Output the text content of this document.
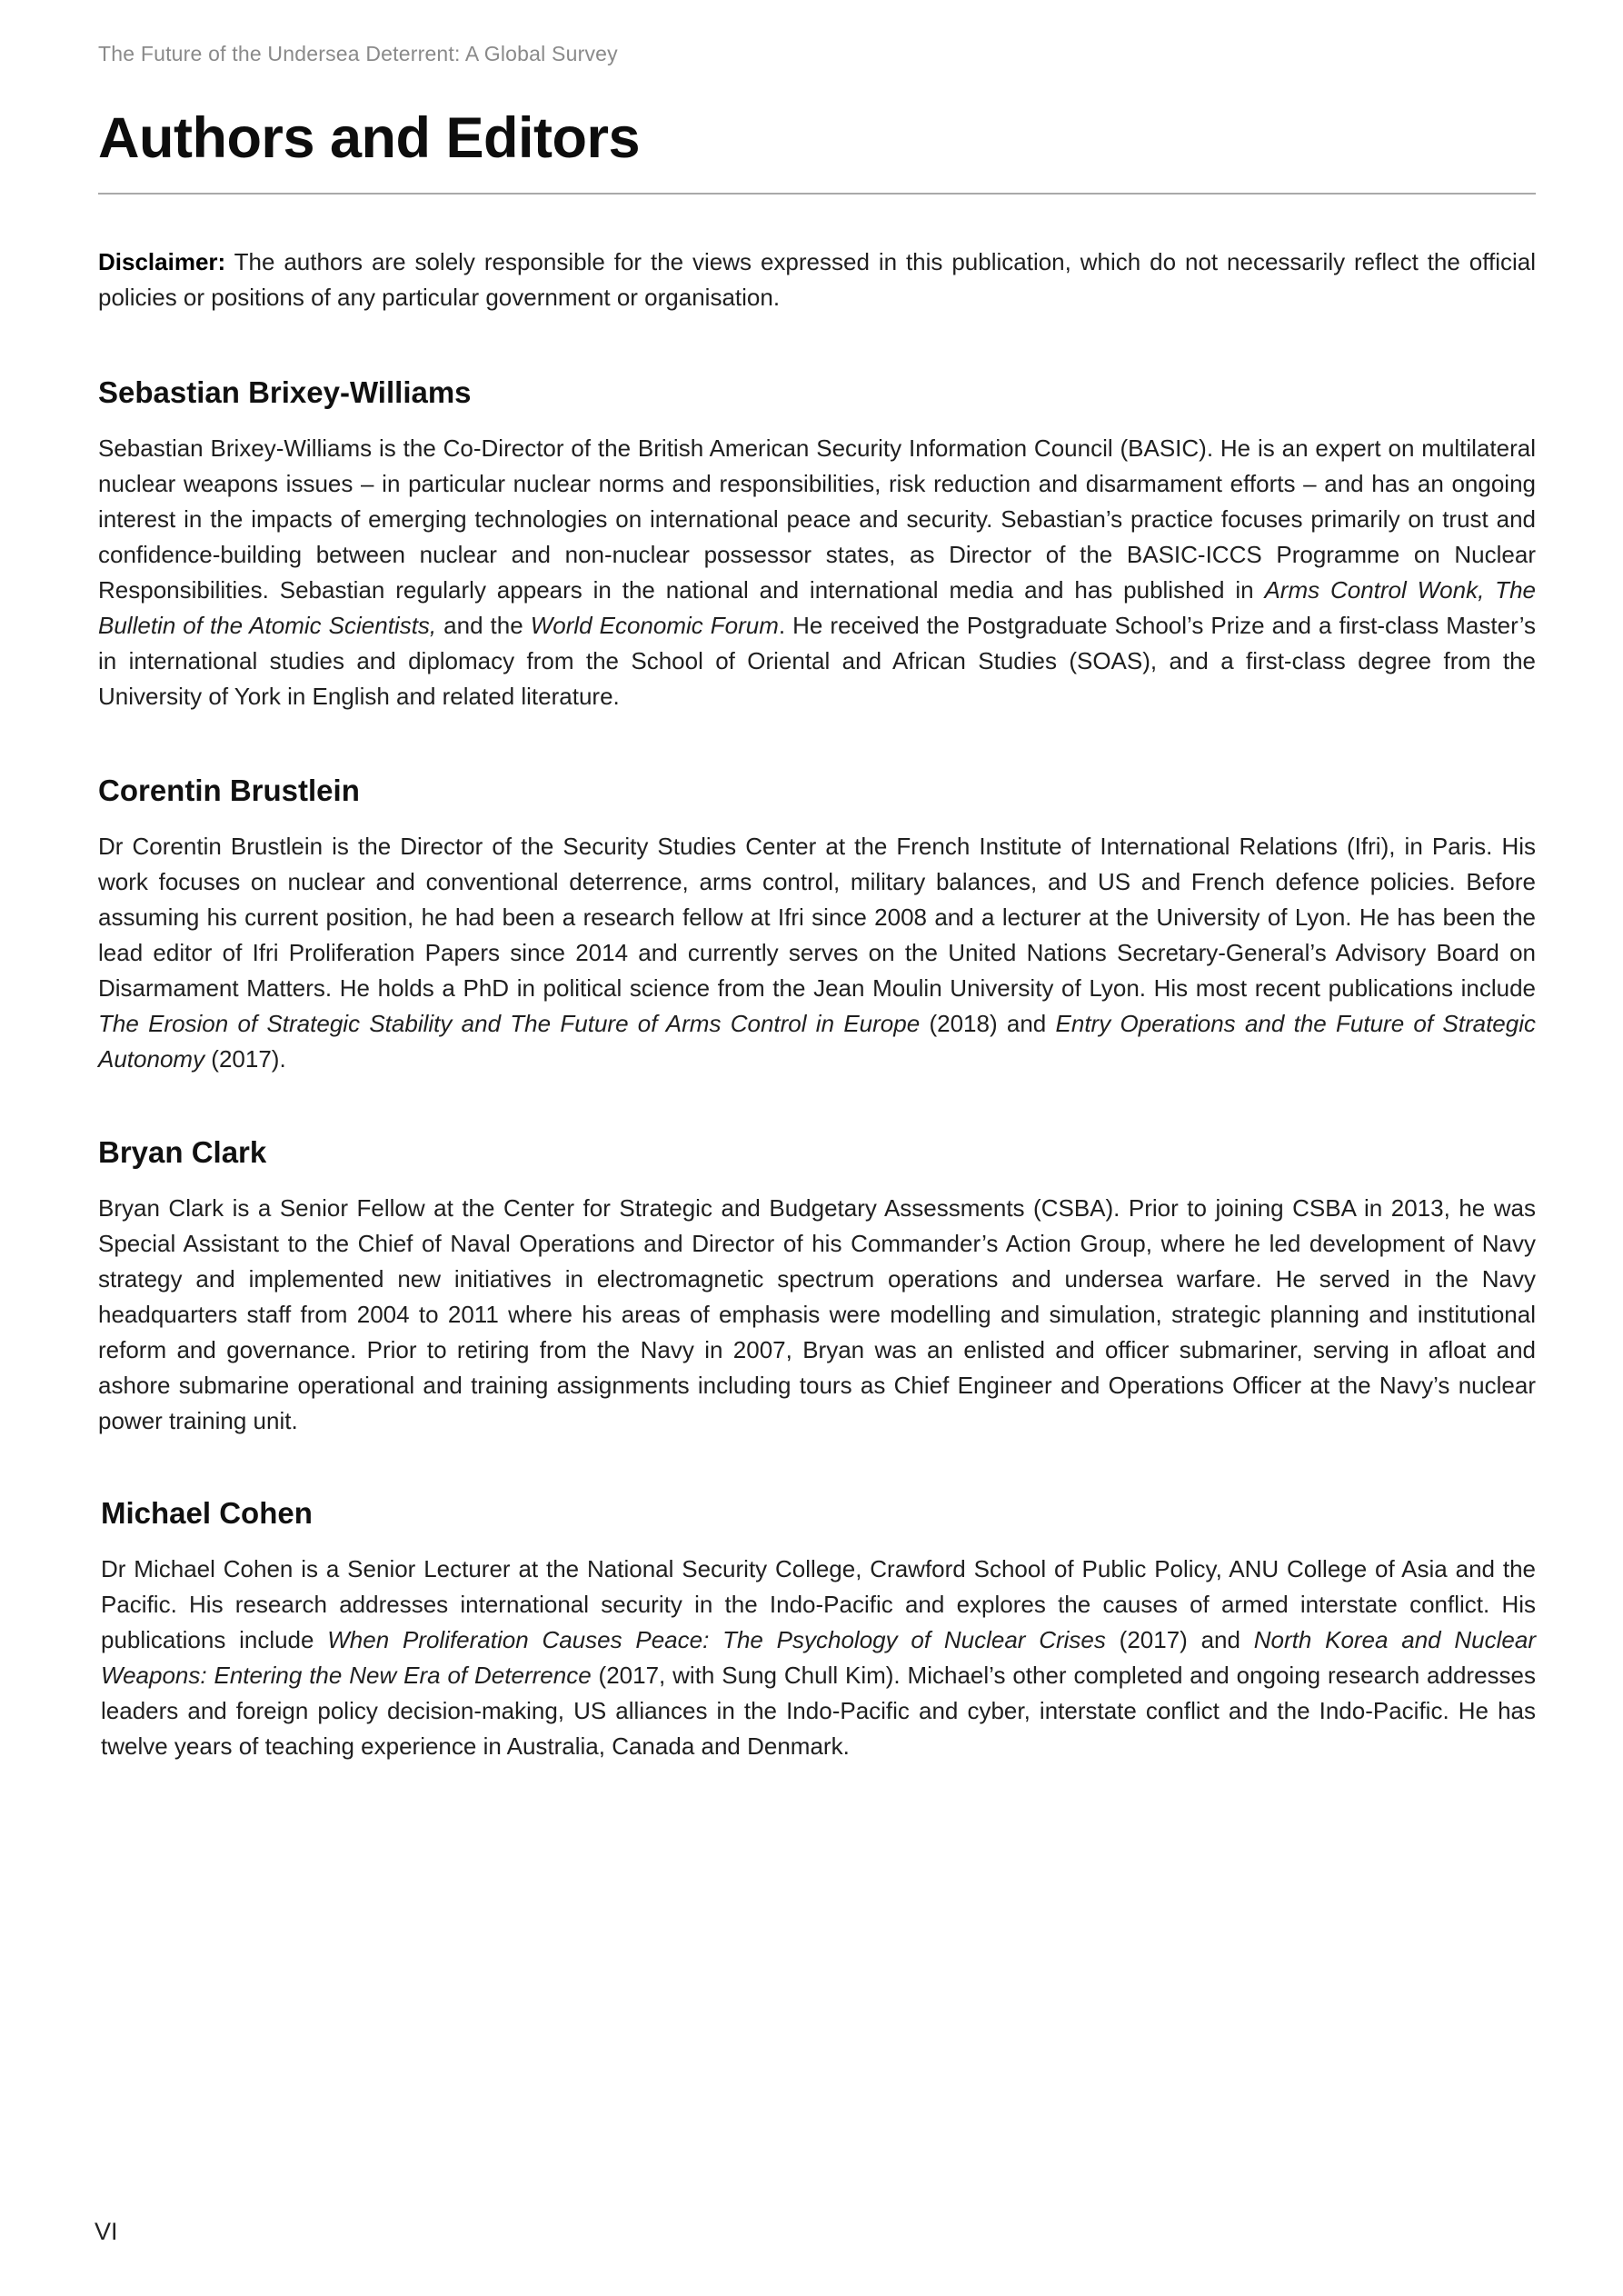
The Future of the Undersea Deterrent: A Global Survey
Authors and Editors

Disclaimer: The authors are solely responsible for the views expressed in this publication, which do not necessarily reflect the official policies or positions of any particular government or organisation.

Sebastian Brixey-Williams

Sebastian Brixey-Williams is the Co-Director of the British American Security Information Council (BASIC). He is an expert on multilateral nuclear weapons issues – in particular nuclear norms and responsibilities, risk reduction and disarmament efforts – and has an ongoing interest in the impacts of emerging technologies on international peace and security. Sebastian’s practice focuses primarily on trust and confidence-building between nuclear and non-nuclear possessor states, as Director of the BASIC-ICCS Programme on Nuclear Responsibilities. Sebastian regularly appears in the national and international media and has published in Arms Control Wonk, The Bulletin of the Atomic Scientists, and the World Economic Forum. He received the Postgraduate School’s Prize and a first-class Master’s in international studies and diplomacy from the School of Oriental and African Studies (SOAS), and a first-class degree from the University of York in English and related literature.

Corentin Brustlein

Dr Corentin Brustlein is the Director of the Security Studies Center at the French Institute of International Relations (Ifri), in Paris. His work focuses on nuclear and conventional deterrence, arms control, military balances, and US and French defence policies. Before assuming his current position, he had been a research fellow at Ifri since 2008 and a lecturer at the University of Lyon. He has been the lead editor of Ifri Proliferation Papers since 2014 and currently serves on the United Nations Secretary-General’s Advisory Board on Disarmament Matters. He holds a PhD in political science from the Jean Moulin University of Lyon. His most recent publications include The Erosion of Strategic Stability and The Future of Arms Control in Europe (2018) and Entry Operations and the Future of Strategic Autonomy (2017).

Bryan Clark

Bryan Clark is a Senior Fellow at the Center for Strategic and Budgetary Assessments (CSBA). Prior to joining CSBA in 2013, he was Special Assistant to the Chief of Naval Operations and Director of his Commander’s Action Group, where he led development of Navy strategy and implemented new initiatives in electromagnetic spectrum operations and undersea warfare. He served in the Navy headquarters staff from 2004 to 2011 where his areas of emphasis were modelling and simulation, strategic planning and institutional reform and governance. Prior to retiring from the Navy in 2007, Bryan was an enlisted and officer submariner, serving in afloat and ashore submarine operational and training assignments including tours as Chief Engineer and Operations Officer at the Navy’s nuclear power training unit.

Michael Cohen

Dr Michael Cohen is a Senior Lecturer at the National Security College, Crawford School of Public Policy, ANU College of Asia and the Pacific. His research addresses international security in the Indo-Pacific and explores the causes of armed interstate conflict. His publications include When Proliferation Causes Peace: The Psychology of Nuclear Crises (2017) and North Korea and Nuclear Weapons: Entering the New Era of Deterrence (2017, with Sung Chull Kim). Michael’s other completed and ongoing research addresses leaders and foreign policy decision-making, US alliances in the Indo-Pacific and cyber, interstate conflict and the Indo-Pacific. He has twelve years of teaching experience in Australia, Canada and Denmark.

VI
